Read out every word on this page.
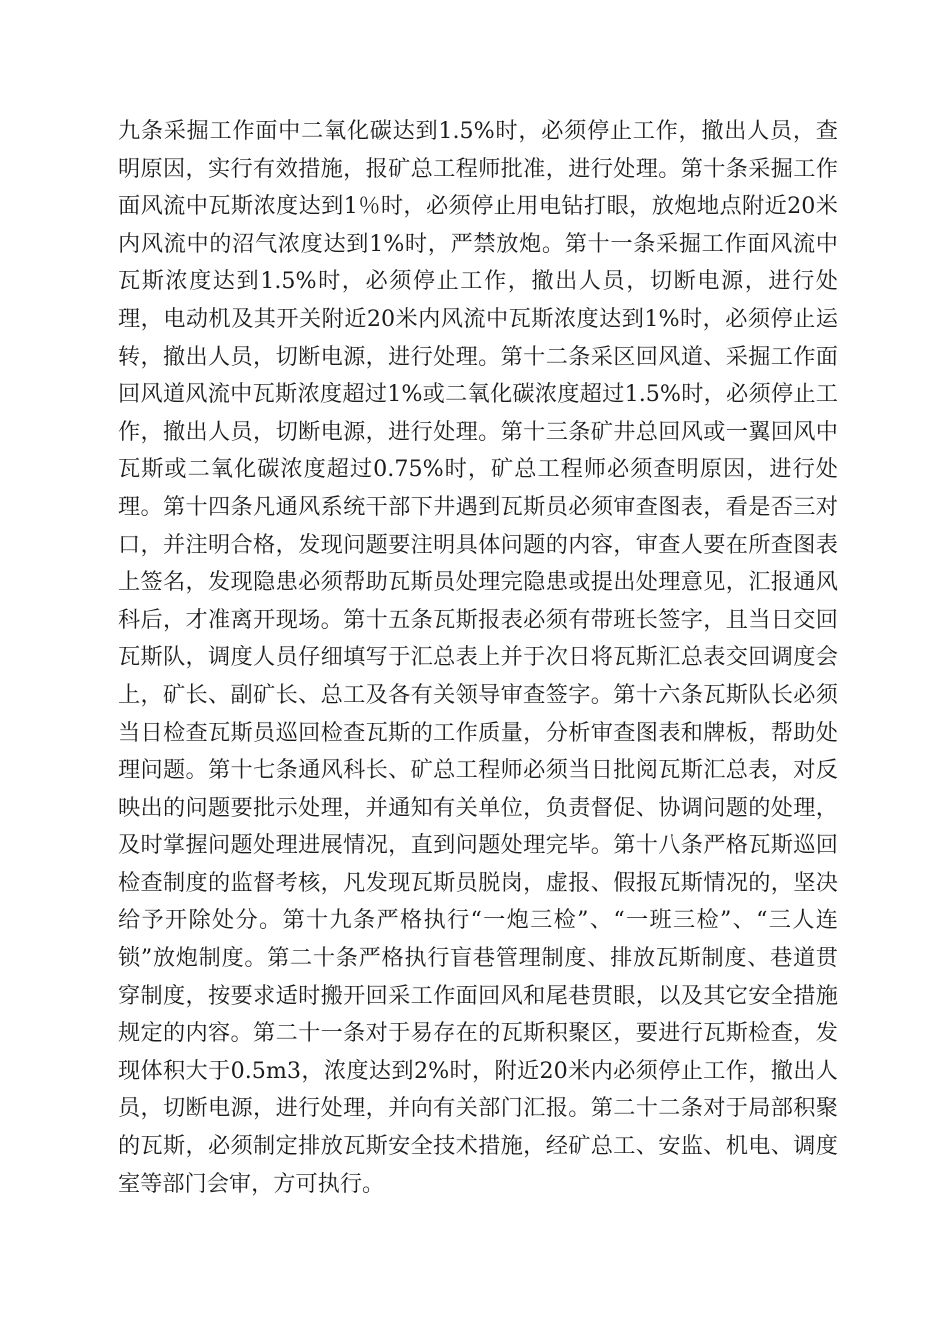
九条采掘工作面中二氧化碳达到1.5%时，必须停止工作，撤出人员，查明原因，实行有效措施，报矿总工程师批准，进行处理。第十条采掘工作面风流中瓦斯浓度达到1％时，必须停止用电钻打眼，放炮地点附近20米内风流中的沼气浓度达到1%时，严禁放炮。第十一条采掘工作面风流中瓦斯浓度达到1.5%时，必须停止工作，撤出人员，切断电源，进行处理，电动机及其开关附近20米内风流中瓦斯浓度达到1%时，必须停止运转，撤出人员，切断电源，进行处理。第十二条采区回风道、采掘工作面回风道风流中瓦斯浓度超过1%或二氧化碳浓度超过1.5%时，必须停止工作，撤出人员，切断电源，进行处理。第十三条矿井总回风或一翼回风中瓦斯或二氧化碳浓度超过0.75%时，矿总工程师必须查明原因，进行处理。第十四条凡通风系统干部下井遇到瓦斯员必须审查图表，看是否三对口，并注明合格，发现问题要注明具体问题的内容，审查人要在所查图表上签名，发现隐患必须帮助瓦斯员处理完隐患或提出处理意见，汇报通风科后，才准离开现场。第十五条瓦斯报表必须有带班长签字，且当日交回瓦斯队，调度人员仔细填写于汇总表上并于次日将瓦斯汇总表交回调度会上，矿长、副矿长、总工及各有关领导审查签字。第十六条瓦斯队长必须当日检查瓦斯员巡回检查瓦斯的工作质量，分析审查图表和牌板，帮助处理问题。第十七条通风科长、矿总工程师必须当日批阅瓦斯汇总表，对反映出的问题要批示处理，并通知有关单位，负责督促、协调问题的处理，及时掌握问题处理进展情况，直到问题处理完毕。第十八条严格瓦斯巡回检查制度的监督考核，凡发现瓦斯员脱岗，虚报、假报瓦斯情况的，坚决给予开除处分。第十九条严格执行“一炮三检”、“一班三检”、“三人连锁”放炮制度。第二十条严格执行盲巷管理制度、排放瓦斯制度、巷道贯穿制度，按要求适时搬开回采工作面回风和尾巷贯眼，以及其它安全措施规定的内容。第二十一条对于易存在的瓦斯积聚区，要进行瓦斯检查，发现体积大于0.5m3，浓度达到2%时，附近20米内必须停止工作，撤出人员，切断电源，进行处理，并向有关部门汇报。第二十二条对于局部积聚的瓦斯，必须制定排放瓦斯安全技术措施，经矿总工、安监、机电、调度室等部门会审，方可执行。
